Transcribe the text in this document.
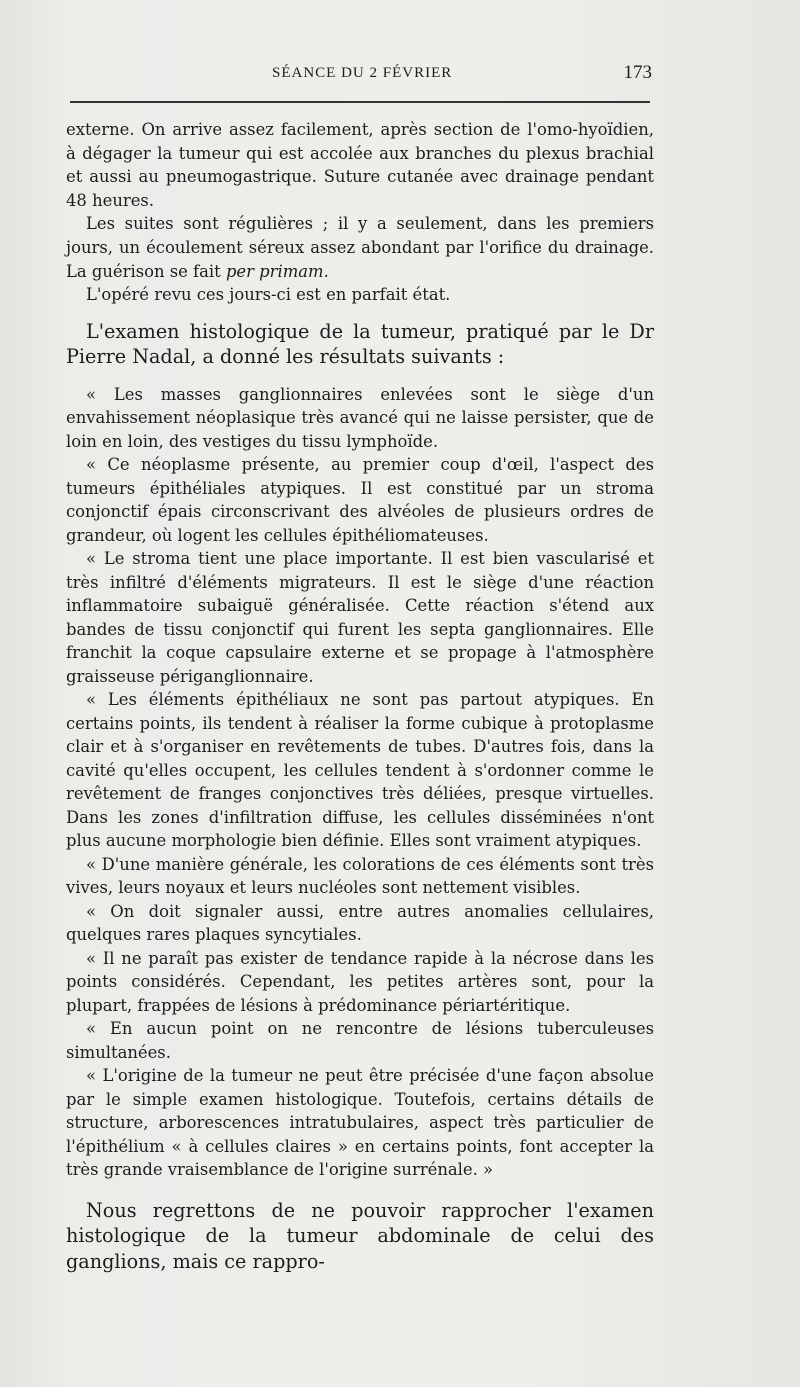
SÉANCE DU 2 FÉVRIER	173

externe. On arrive assez facilement, après section de l'omo-hyoïdien, à dégager la tumeur qui est accolée aux branches du plexus brachial et aussi au pneumogastrique. Suture cutanée avec drainage pendant 48 heures.

Les suites sont régulières ; il y a seulement, dans les premiers jours, un écoulement séreux assez abondant par l'orifice du drainage. La guérison se fait per primam.

L'opéré revu ces jours-ci est en parfait état.

L'examen histologique de la tumeur, pratiqué par le Dr Pierre Nadal, a donné les résultats suivants :

« Les masses ganglionnaires enlevées sont le siège d'un envahissement néoplasique très avancé qui ne laisse persister, que de loin en loin, des vestiges du tissu lymphoïde.

« Ce néoplasme présente, au premier coup d'œil, l'aspect des tumeurs épithéliales atypiques. Il est constitué par un stroma conjonctif épais circonscrivant des alvéoles de plusieurs ordres de grandeur, où logent les cellules épithéliomateuses.

« Le stroma tient une place importante. Il est bien vascularisé et très infiltré d'éléments migrateurs. Il est le siège d'une réaction inflammatoire subaiguë généralisée. Cette réaction s'étend aux bandes de tissu conjonctif qui furent les septa ganglionnaires. Elle franchit la coque capsulaire externe et se propage à l'atmosphère graisseuse périganglionnaire.

« Les éléments épithéliaux ne sont pas partout atypiques. En certains points, ils tendent à réaliser la forme cubique à protoplasme clair et à s'organiser en revêtements de tubes. D'autres fois, dans la cavité qu'elles occupent, les cellules tendent à s'ordonner comme le revêtement de franges conjonctives très déliées, presque virtuelles. Dans les zones d'infiltration diffuse, les cellules disséminées n'ont plus aucune morphologie bien définie. Elles sont vraiment atypiques.

« D'une manière générale, les colorations de ces éléments sont très vives, leurs noyaux et leurs nucléoles sont nettement visibles.

« On doit signaler aussi, entre autres anomalies cellulaires, quelques rares plaques syncytiales.

« Il ne paraît pas exister de tendance rapide à la nécrose dans les points considérés. Cependant, les petites artères sont, pour la plupart, frappées de lésions à prédominance périartéritique.

« En aucun point on ne rencontre de lésions tuberculeuses simultanées.

« L'origine de la tumeur ne peut être précisée d'une façon absolue par le simple examen histologique. Toutefois, certains détails de structure, arborescences intratubulaires, aspect très particulier de l'épithélium « à cellules claires » en certains points, font accepter la très grande vraisemblance de l'origine surrénale. »

Nous regrettons de ne pouvoir rapprocher l'examen histologique de la tumeur abdominale de celui des ganglions, mais ce rappro-
